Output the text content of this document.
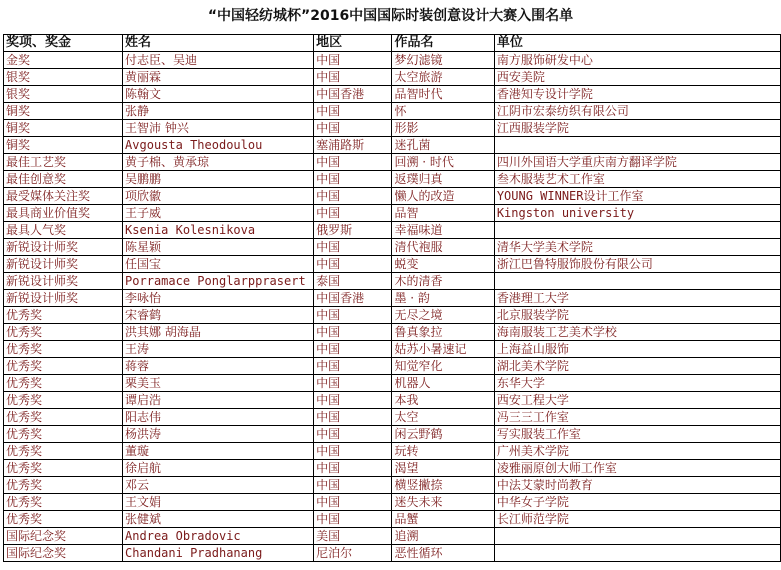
“中国轻纺城杯”2016中国国际时装创意设计大赛入围名单
奖项、奖金	姓名	地区	作品名	单位
金奖	付志臣、吴迪	中国	梦幻滤镜	南方服饰研发中心
银奖	黄丽霖	中国	太空旅游	西安美院
银奖	陈翰文	中国香港	品智时代	香港知专设计学院
铜奖	张静	中国	怀	江阴市宏泰纺织有限公司
铜奖	王智沛 钟兴	中国	形影	江西服装学院
铜奖	Avgousta Theodoulou	塞浦路斯	迷孔菌	
最佳工艺奖	黄子棉、黄承琼	中国	回溯 · 时代	四川外国语大学重庆南方翻译学院
最佳创意奖	吴鹏鹏	中国	返璞归真	叁木服装艺术工作室
最受媒体关注奖	项欣徽	中国	懒人的改造	YOUNG WINNER设计工作室
最具商业价值奖	王子威	中国	品智	Kingston university
最具人气奖	Ksenia Kolesnikova	俄罗斯	幸福味道	
新锐设计师奖	陈星颖	中国	清代袍服	清华大学美术学院
新锐设计师奖	任国宝	中国	蜕变	浙江巴鲁特服饰股份有限公司
新锐设计师奖	Porramace Ponglarpprasert	泰国	木的清香	
新锐设计师奖	李咏怡	中国香港	墨 · 韵	香港理工大学
优秀奖	宋睿鹤	中国	无尽之境	北京服装学院
优秀奖	洪其娜 胡海晶	中国	鲁真象拉	海南服装工艺美术学校
优秀奖	王涛	中国	姑苏小暑速记	上海益山服饰
优秀奖	蒋蓉	中国	知觉窄化	湖北美术学院
优秀奖	栗美玉	中国	机器人	东华大学
优秀奖	谭启浩	中国	本我	西安工程大学
优秀奖	阳志伟	中国	太空	冯三三工作室
优秀奖	杨洪涛	中国	闲云野鹤	写实服装工作室
优秀奖	董璇	中国	玩转	广州美术学院
优秀奖	徐启航	中国	渴望	凌雅丽原创大师工作室
优秀奖	邓云	中国	横竖撇捺	中法艾蒙时尚教育
优秀奖	王文娟	中国	迷失未来	中华女子学院
优秀奖	张健斌	中国	品蟹	长江师范学院
国际纪念奖	Andrea Obradovic	美国	追溯	
国际纪念奖	Chandani Pradhanang	尼泊尔	恶性循环	
